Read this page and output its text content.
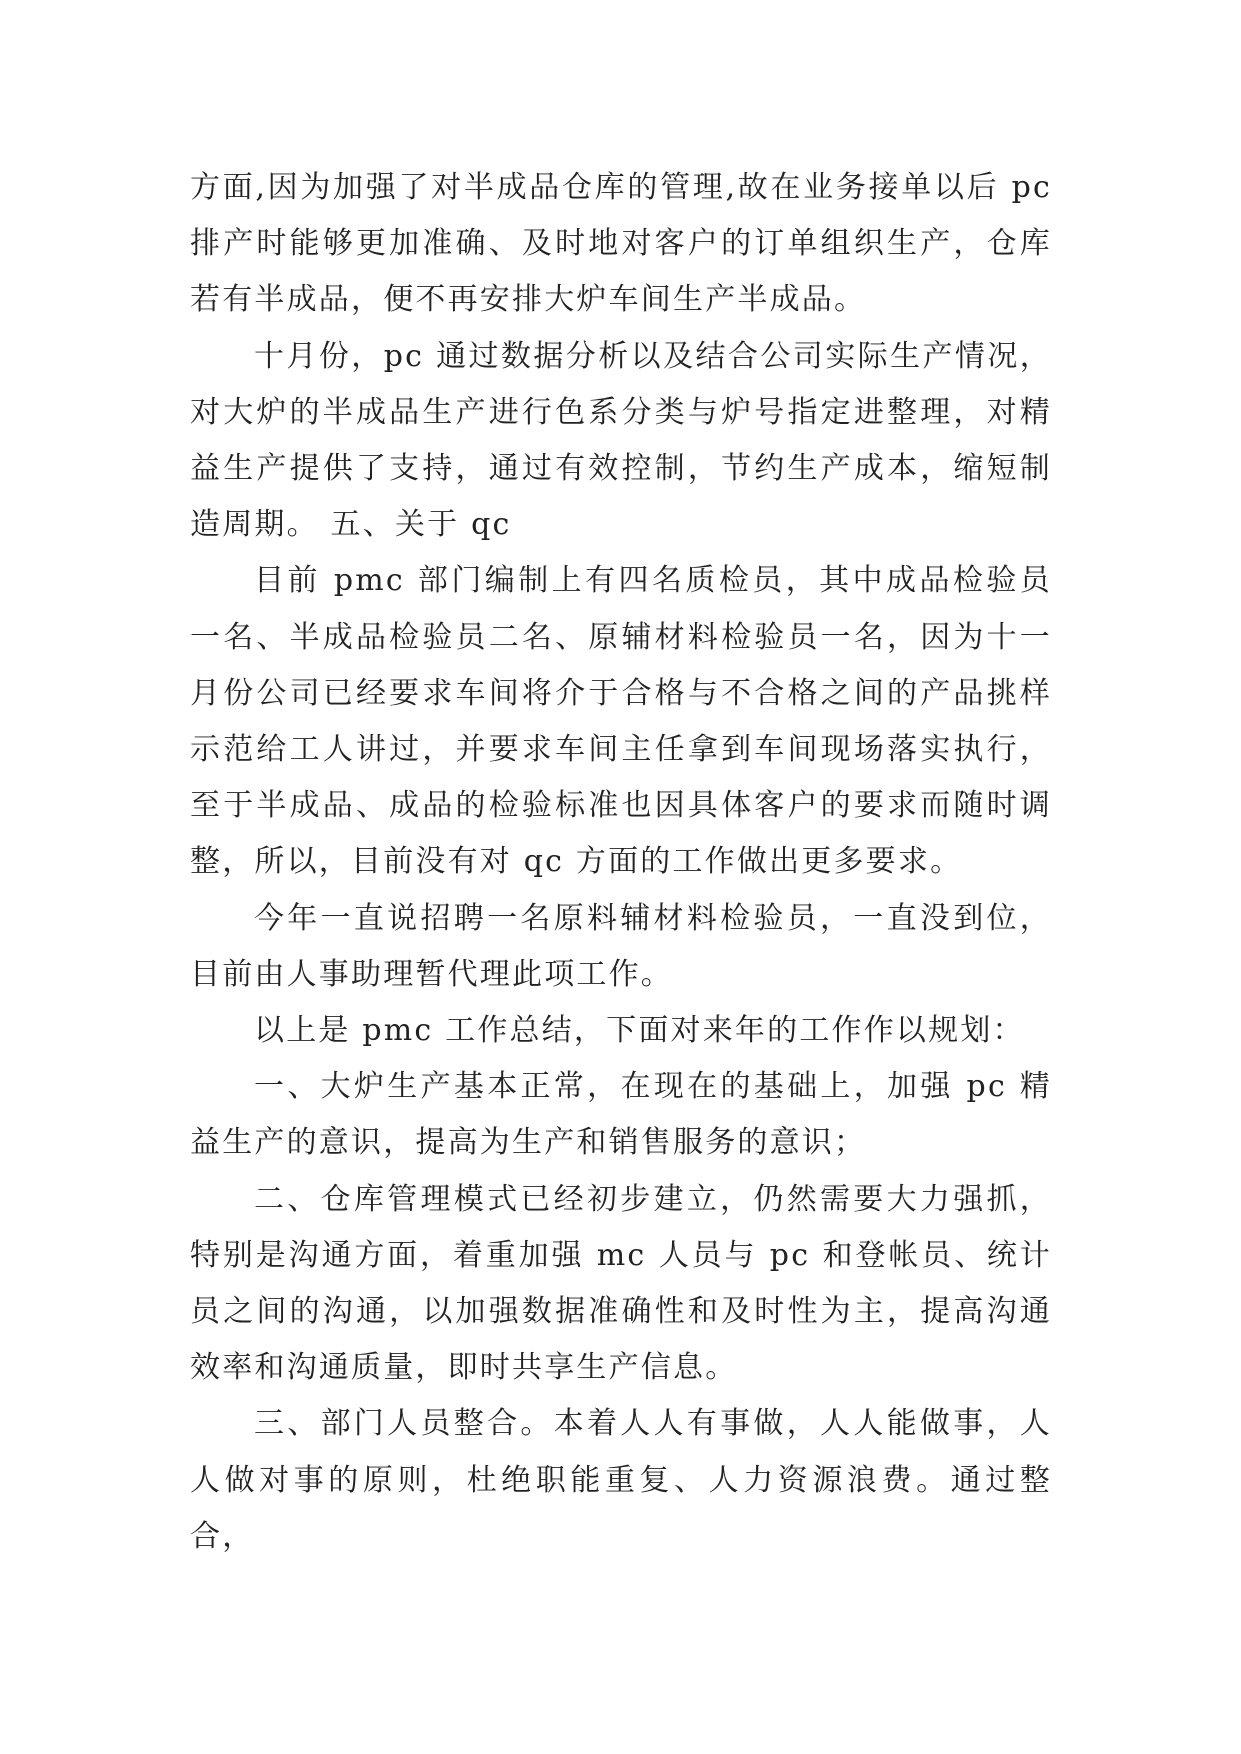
方面,因为加强了对半成品仓库的管理,故在业务接单以后 pc 排产时能够更加准确、及时地对客户的订单组织生产，仓库若有半成品，便不再安排大炉车间生产半成品。

十月份，pc 通过数据分析以及结合公司实际生产情况，对大炉的半成品生产进行色系分类与炉号指定进整理，对精益生产提供了支持，通过有效控制，节约生产成本，缩短制造周期。 五、关于 qc

目前 pmc 部门编制上有四名质检员，其中成品检验员一名、半成品检验员二名、原辅材料检验员一名，因为十一月份公司已经要求车间将介于合格与不合格之间的产品挑样示范给工人讲过，并要求车间主任拿到车间现场落实执行，至于半成品、成品的检验标准也因具体客户的要求而随时调整，所以，目前没有对 qc 方面的工作做出更多要求。

今年一直说招聘一名原料辅材料检验员，一直没到位，目前由人事助理暂代理此项工作。

以上是 pmc 工作总结，下面对来年的工作作以规划：

一、大炉生产基本正常，在现在的基础上，加强 pc 精益生产的意识，提高为生产和销售服务的意识；

二、仓库管理模式已经初步建立，仍然需要大力强抓，特别是沟通方面，着重加强 mc 人员与 pc 和登帐员、统计员之间的沟通，以加强数据准确性和及时性为主，提高沟通效率和沟通质量，即时共享生产信息。

三、部门人员整合。本着人人有事做，人人能做事，人人做对事的原则，杜绝职能重复、人力资源浪费。通过整合，
